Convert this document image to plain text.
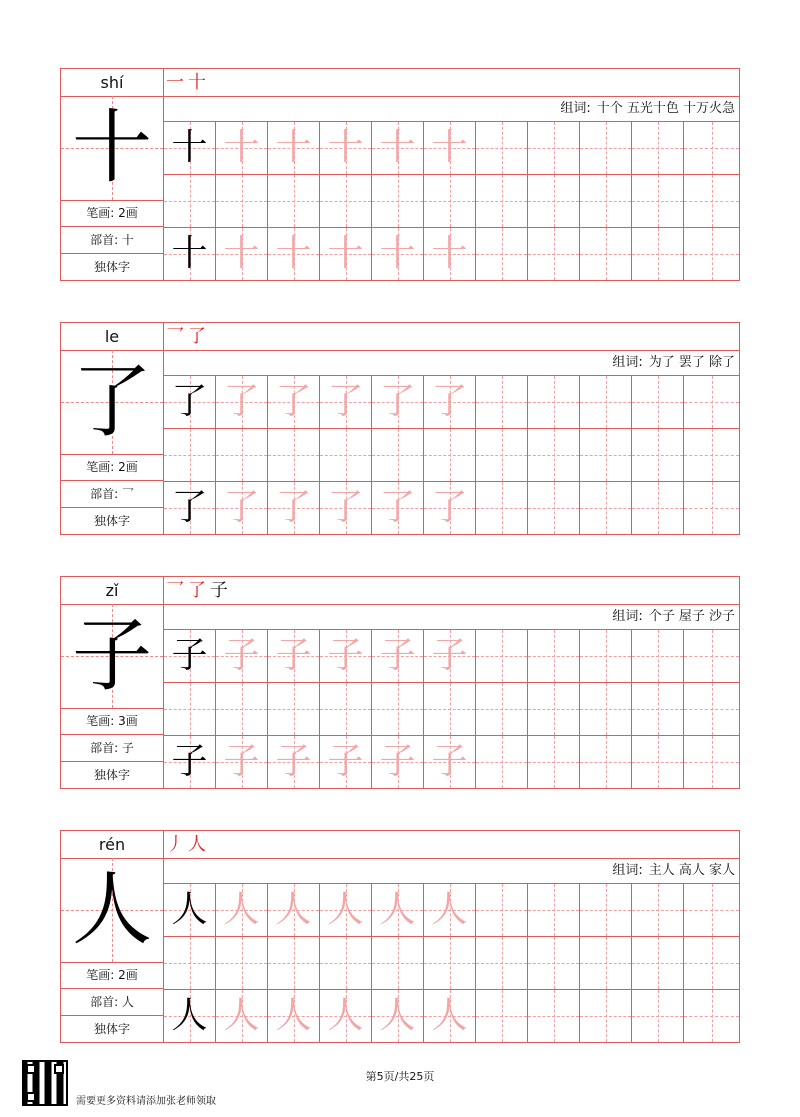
shí
十
笔画: 2画
部首: 十
独体字
一 十
组词: 十个 五光十色 十万火急
十 十 十 十 十 十
十 十 十 十 十 十
le
了
笔画: 2画
部首: 乛
独体字
乛 了
组词: 为了 罢了 除了
了 了 了 了 了 了
了 了 了 了 了 了
zǐ
子
笔画: 3画
部首: 子
独体字
乛 了 子
组词: 个子 屋子 沙子
子 子 子 子 子 子
子 子 子 子 子 子
rén
人
笔画: 2画
部首: 人
独体字
丿 人
组词: 主人 高人 家人
人 人 人 人 人 人
人 人 人 人 人 人
第5页/共25页
需要更多资料请添加张老师领取
